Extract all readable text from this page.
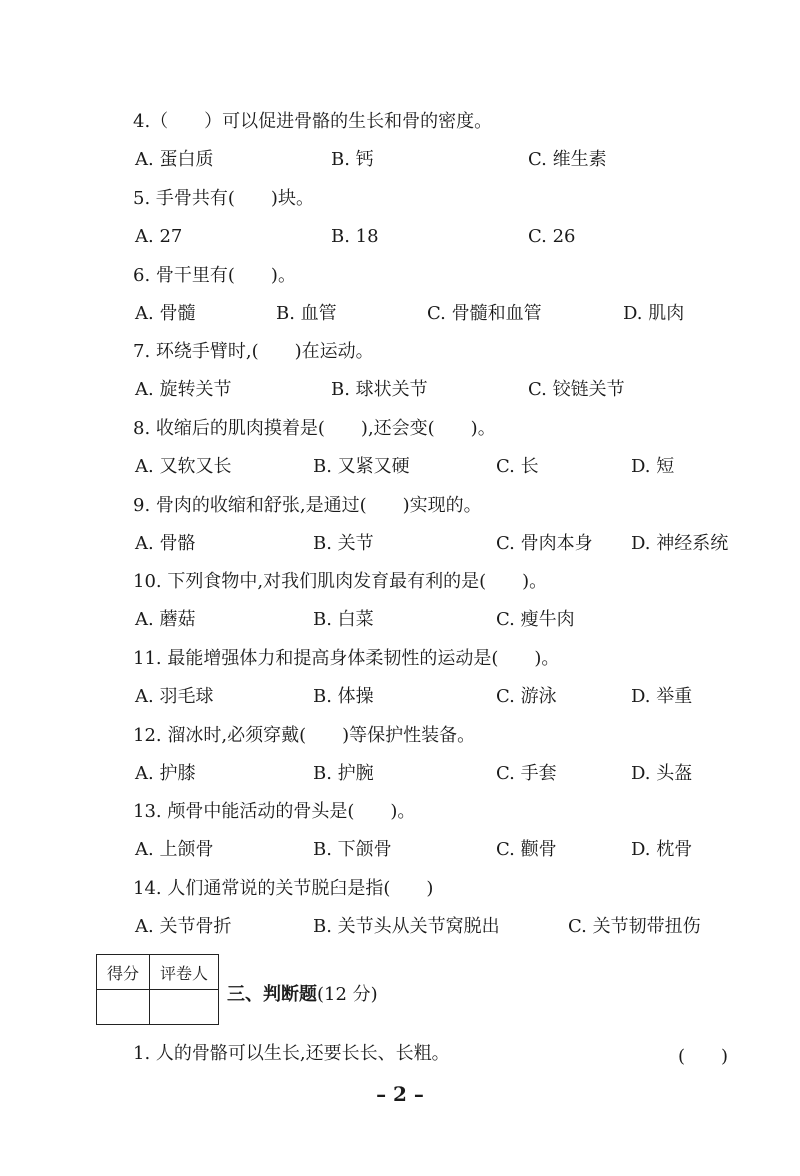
4.（　　）可以促进骨骼的生长和骨的密度。
A. 蛋白质	B. 钙	C. 维生素
5. 手骨共有(　　)块。
A. 27	B. 18	C. 26
6. 骨干里有(　　)。
A. 骨髓	B. 血管	C. 骨髓和血管	D. 肌肉
7. 环绕手臂时,(　　)在运动。
A. 旋转关节	B. 球状关节	C. 铰链关节
8. 收缩后的肌肉摸着是(　　),还会变(　　)。
A. 又软又长	B. 又紧又硬	C. 长	D. 短
9. 骨肉的收缩和舒张,是通过(　　)实现的。
A. 骨骼	B. 关节	C. 骨肉本身 D. 神经系统
10. 下列食物中,对我们肌肉发育最有利的是(　　)。
A. 蘑菇	B. 白菜	C. 瘦牛肉
11. 最能增强体力和提高身体柔韧性的运动是(　　)。
A. 羽毛球	B. 体操	C. 游泳	D. 举重
12. 溜冰时,必须穿戴(　　)等保护性装备。
A. 护膝	B. 护腕	C. 手套	D. 头盔
13. 颅骨中能活动的骨头是(　　)。
A. 上颌骨	B. 下颌骨	C. 颧骨	D. 枕骨
14. 人们通常说的关节脱臼是指(　　)
A. 关节骨折	B. 关节头从关节窝脱出	C. 关节韧带扭伤
得分	评卷人

三、判断题(12 分)
1. 人的骨骼可以生长,还要长长、长粗。	(　　)
– 2 –
